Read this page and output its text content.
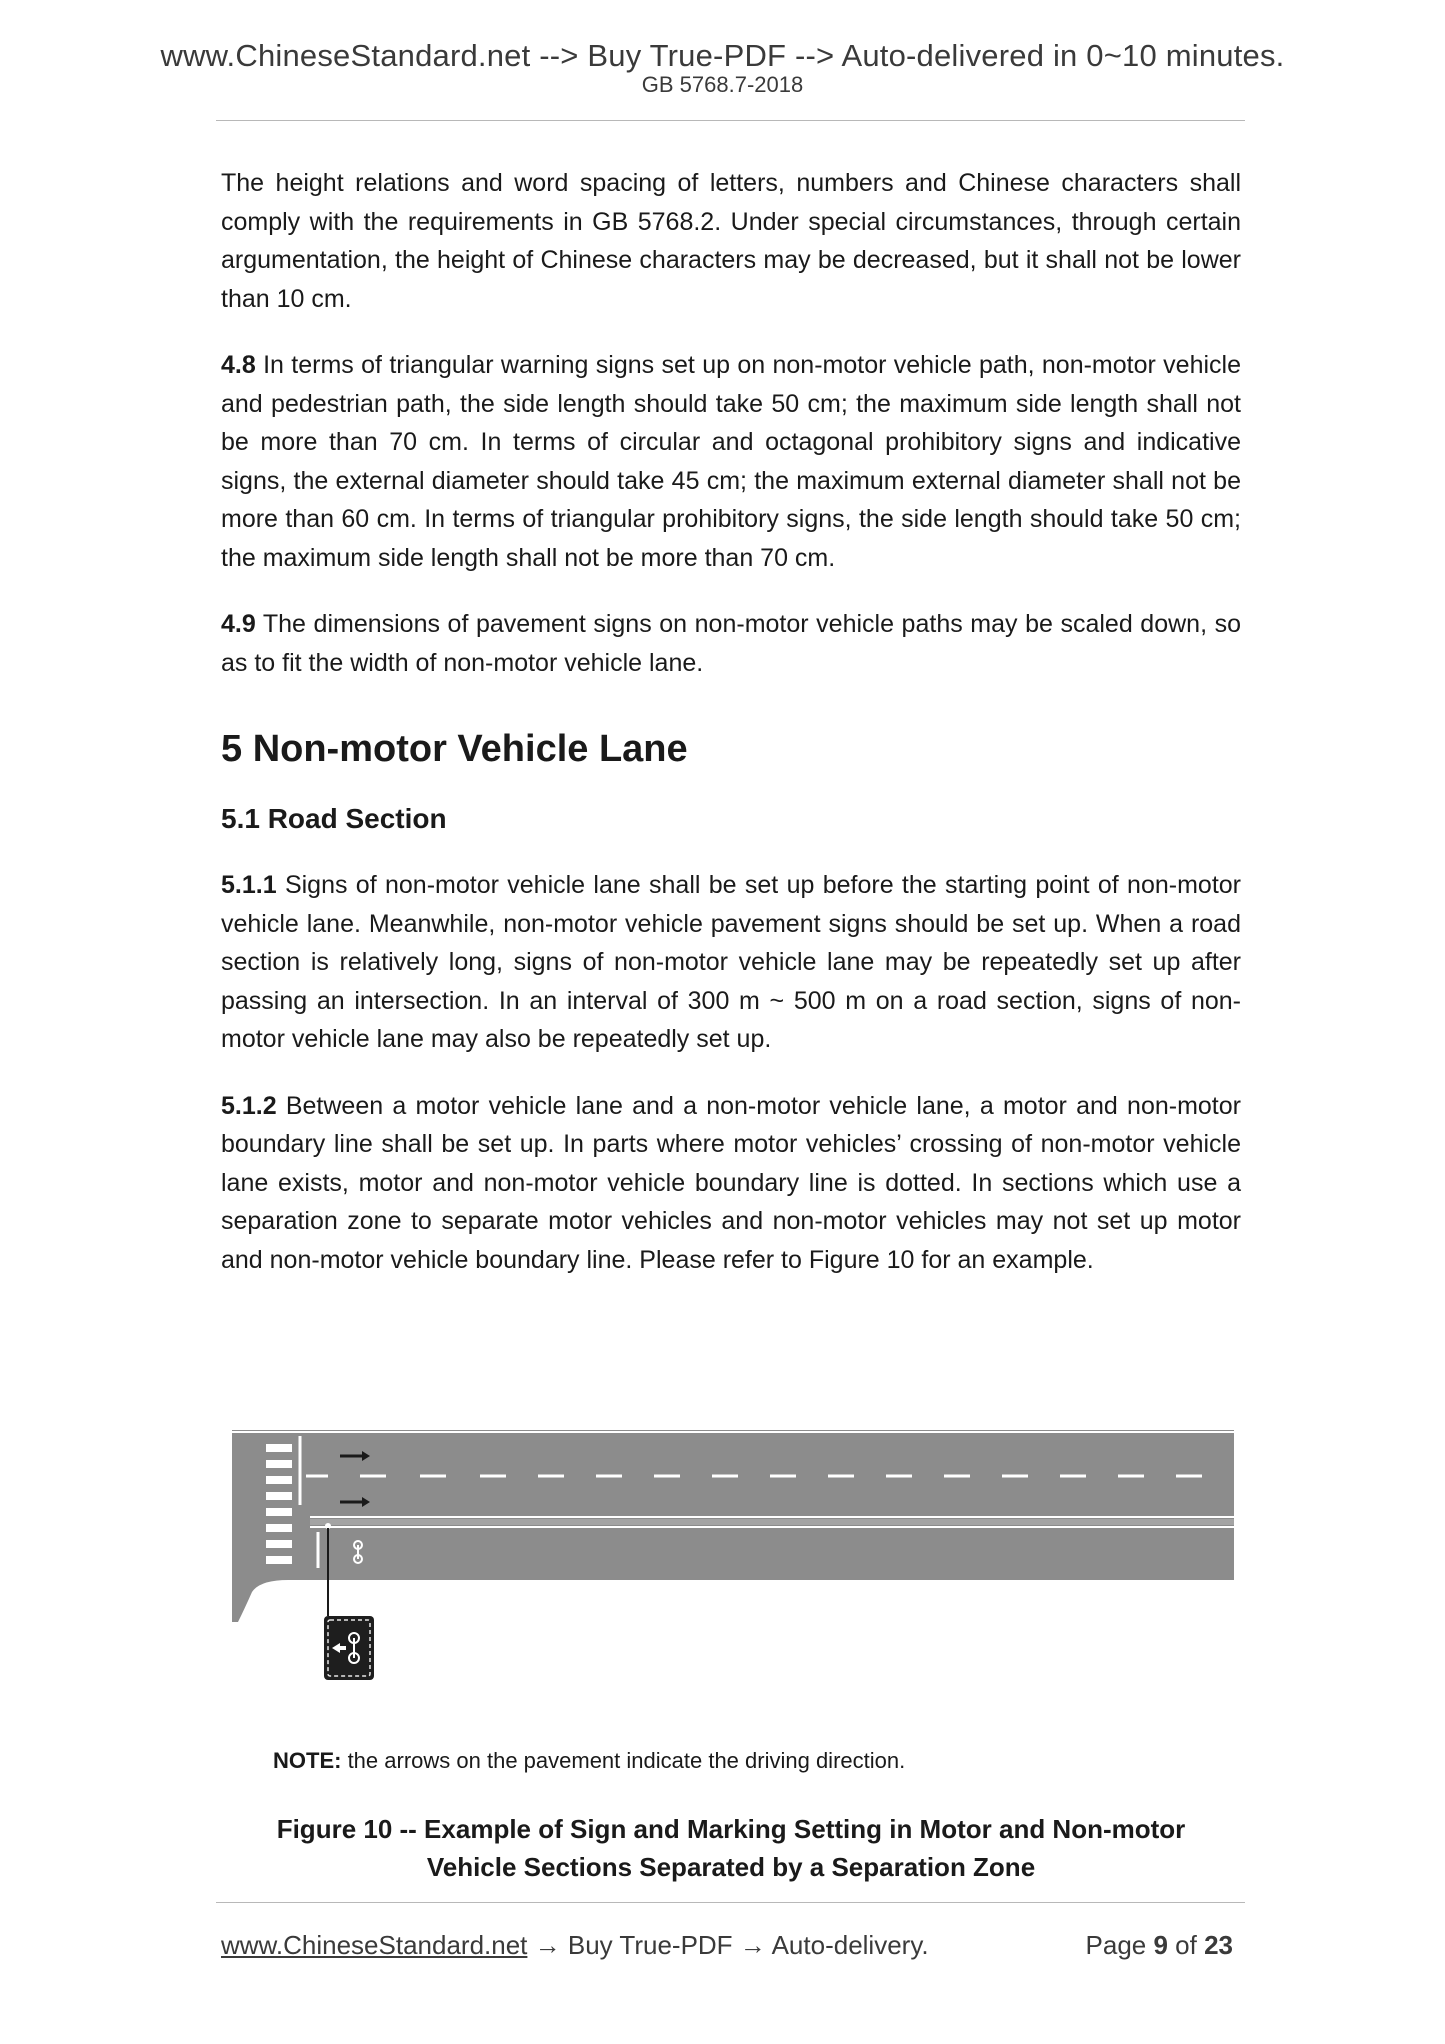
www.ChineseStandard.net --> Buy True-PDF --> Auto-delivered in 0~10 minutes.
GB 5768.7-2018

The height relations and word spacing of letters, numbers and Chinese characters shall comply with the requirements in GB 5768.2. Under special circumstances, through certain argumentation, the height of Chinese characters may be decreased, but it shall not be lower than 10 cm.

4.8 In terms of triangular warning signs set up on non-motor vehicle path, non-motor vehicle and pedestrian path, the side length should take 50 cm; the maximum side length shall not be more than 70 cm. In terms of circular and octagonal prohibitory signs and indicative signs, the external diameter should take 45 cm; the maximum external diameter shall not be more than 60 cm. In terms of triangular prohibitory signs, the side length should take 50 cm; the maximum side length shall not be more than 70 cm.

4.9 The dimensions of pavement signs on non-motor vehicle paths may be scaled down, so as to fit the width of non-motor vehicle lane.

5 Non-motor Vehicle Lane
5.1 Road Section

5.1.1 Signs of non-motor vehicle lane shall be set up before the starting point of non-motor vehicle lane. Meanwhile, non-motor vehicle pavement signs should be set up. When a road section is relatively long, signs of non-motor vehicle lane may be repeatedly set up after passing an intersection. In an interval of 300 m ~ 500 m on a road section, signs of non-motor vehicle lane may also be repeatedly set up.

5.1.2 Between a motor vehicle lane and a non-motor vehicle lane, a motor and non-motor boundary line shall be set up. In parts where motor vehicles’ crossing of non-motor vehicle lane exists, motor and non-motor vehicle boundary line is dotted. In sections which use a separation zone to separate motor vehicles and non-motor vehicles may not set up motor and non-motor vehicle boundary line. Please refer to Figure 10 for an example.

NOTE: the arrows on the pavement indicate the driving direction.
Figure 10 -- Example of Sign and Marking Setting in Motor and Non-motor
Vehicle Sections Separated by a Separation Zone
www.ChineseStandard.net → Buy True-PDF → Auto-delivery.	Page 9 of 23
